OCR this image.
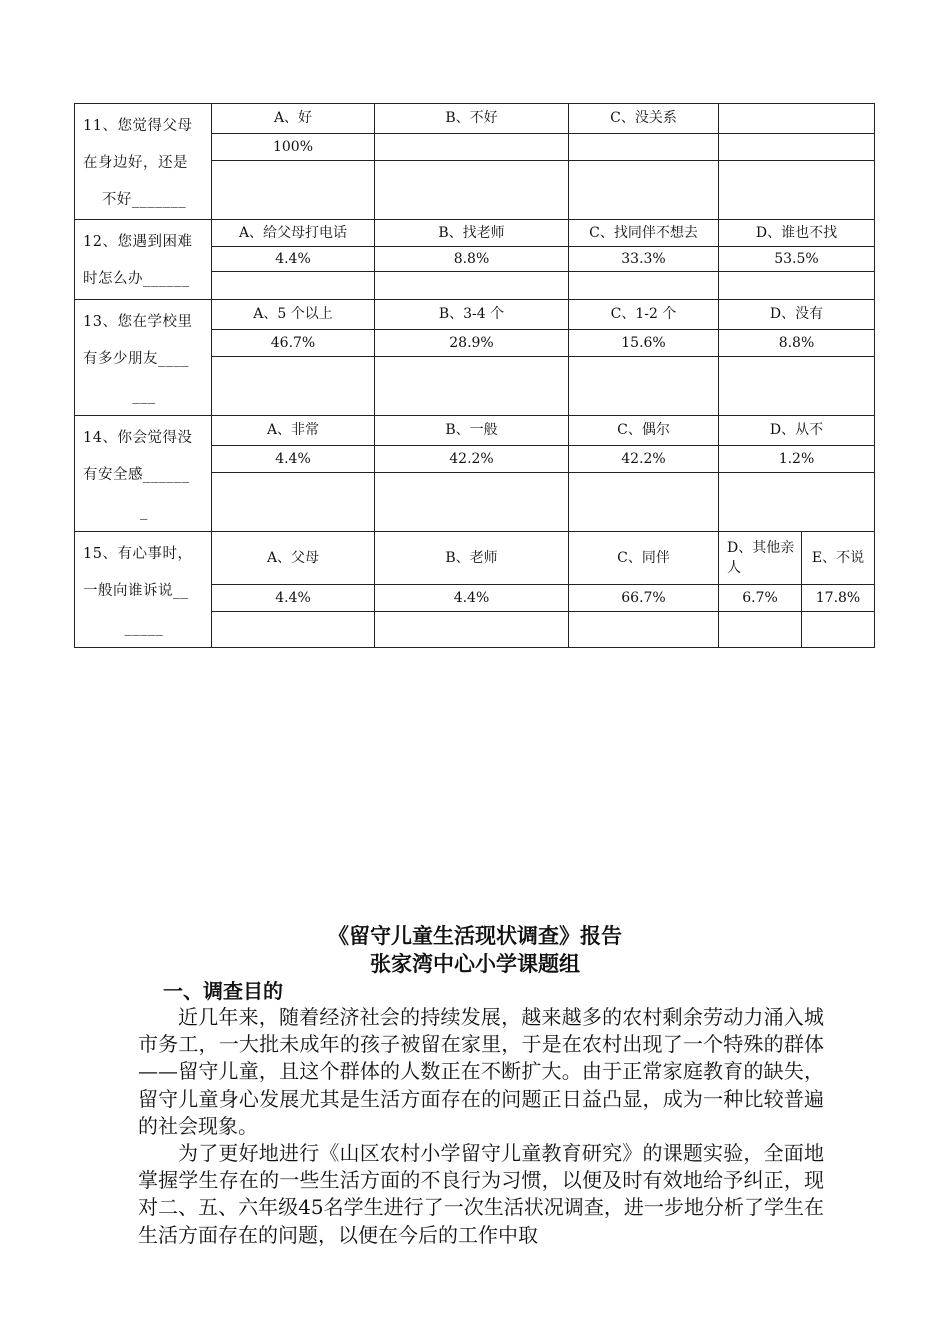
11、您觉得父母
在身边好，还是
不好_______	A、好	B、不好	C、没关系		
	100%				

12、您遇到困难
时怎么办______	A、给父母打电话	B、找老师	C、找同伴不想去	D、谁也不找	
	4.4%	8.8%	33.3%	53.5%	

13、您在学校里
有多少朋友____
___	A、5 个以上	B、3-4 个	C、1-2 个	D、没有	
	46.7%	28.9%	15.6%	8.8%	

14、你会觉得没
有安全感______
_	A、非常	B、一般	C、偶尔	D、从不	
	4.4%	42.2%	42.2%	1.2%	

15、有心事时，
一般向谁诉说__
_____	A、父母	B、老师	C、同伴	D、其他亲人	E、不说
	4.4%	4.4%	66.7%	6.7%	17.8%

《留守儿童生活现状调查》报告
张家湾中心小学课题组
一、调查目的

近几年来，随着经济社会的持续发展，越来越多的农村剩余劳动力涌入城市务工，一大批未成年的孩子被留在家里，于是在农村出现了一个特殊的群体——留守儿童，且这个群体的人数正在不断扩大。由于正常家庭教育的缺失，留守儿童身心发展尤其是生活方面存在的问题正日益凸显，成为一种比较普遍的社会现象。

为了更好地进行《山区农村小学留守儿童教育研究》的课题实验，全面地掌握学生存在的一些生活方面的不良行为习惯，以便及时有效地给予纠正，现对二、五、六年级45名学生进行了一次生活状况调查，进一步地分析了学生在生活方面存在的问题，以便在今后的工作中取
